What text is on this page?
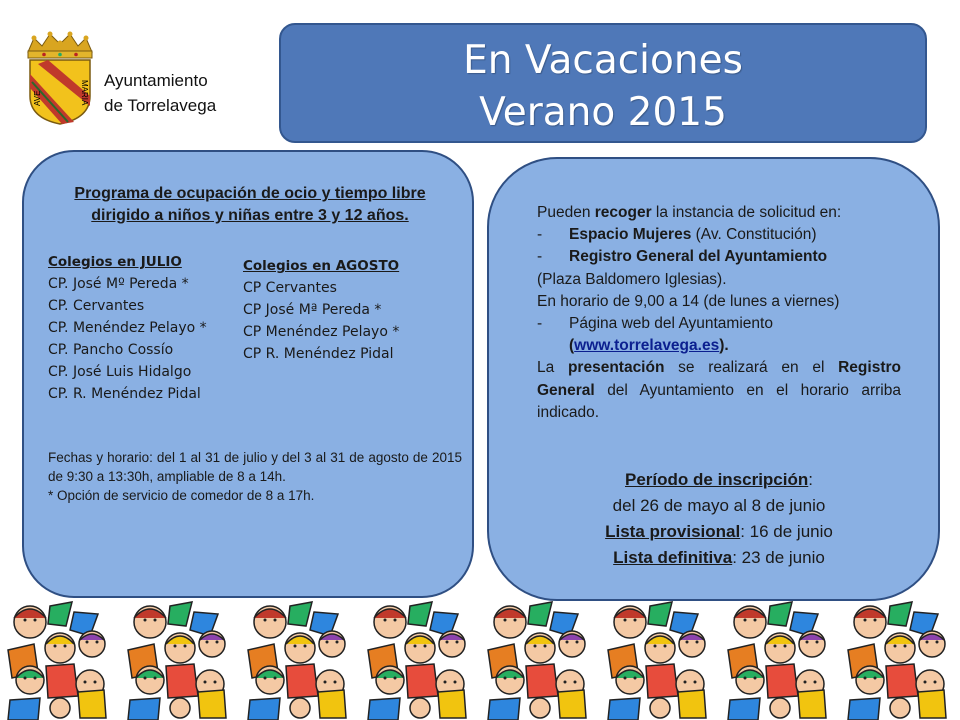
AVE	MARIA Ayuntamiento
de Torrelavega
En Vacaciones
Verano 2015
Programa de ocupación de ocio y tiempo libre
dirigido a niños y niñas entre 3 y 12 años.
Colegios en JULIO
CP. José Mº Pereda *
CP. Cervantes
CP. Menéndez Pelayo *
CP. Pancho Cossío
CP. José Luis Hidalgo
CP. R. Menéndez Pidal
Colegios en AGOSTO
CP Cervantes
CP José Mª Pereda *
CP Menéndez Pelayo *
CP R. Menéndez Pidal
Fechas y horario: del 1 al 31 de julio y del 3 al 31 de agosto de 2015 de 9:30 a 13:30h, ampliable de 8 a 14h.
* Opción de servicio de comedor de 8 a 17h.
Pueden recoger la instancia de solicitud en:
-	Espacio Mujeres (Av. Constitución)
-	Registro General del Ayuntamiento
(Plaza Baldomero Iglesias).
En horario de 9,00 a 14 (de lunes a viernes)
-	Página web del Ayuntamiento
(www.torrelavega.es).
La presentación se realizará en el Registro General del Ayuntamiento en el horario arriba indicado.
Período de inscripción:
del 26 de mayo al 8 de junio
Lista provisional: 16 de junio
Lista definitiva: 23 de junio
